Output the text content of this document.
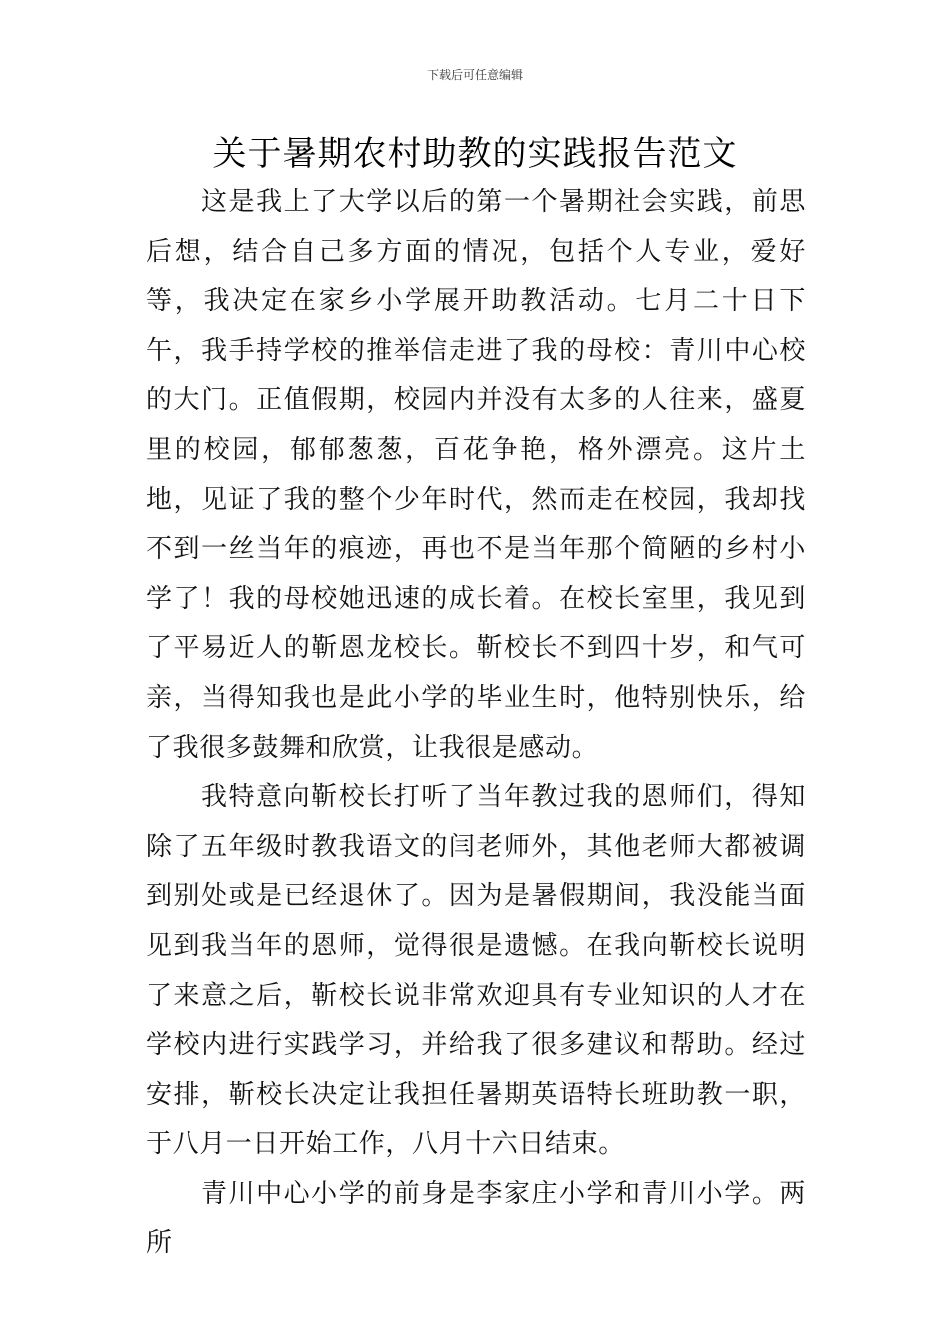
下载后可任意编辑
关于暑期农村助教的实践报告范文

这是我上了大学以后的第一个暑期社会实践，前思后想，结合自己多方面的情况，包括个人专业，爱好等，我决定在家乡小学展开助教活动。七月二十日下午，我手持学校的推举信走进了我的母校：青川中心校的大门。正值假期，校园内并没有太多的人往来，盛夏里的校园，郁郁葱葱，百花争艳，格外漂亮。这片土地，见证了我的整个少年时代，然而走在校园，我却找不到一丝当年的痕迹，再也不是当年那个简陋的乡村小学了！我的母校她迅速的成长着。在校长室里，我见到了平易近人的靳恩龙校长。靳校长不到四十岁，和气可亲，当得知我也是此小学的毕业生时，他特别快乐，给了我很多鼓舞和欣赏，让我很是感动。

我特意向靳校长打听了当年教过我的恩师们，得知除了五年级时教我语文的闫老师外，其他老师大都被调到别处或是已经退休了。因为是暑假期间，我没能当面见到我当年的恩师，觉得很是遗憾。在我向靳校长说明了来意之后，靳校长说非常欢迎具有专业知识的人才在学校内进行实践学习，并给我了很多建议和帮助。经过安排，靳校长决定让我担任暑期英语特长班助教一职，于八月一日开始工作，八月十六日结束。

青川中心小学的前身是李家庄小学和青川小学。两所
